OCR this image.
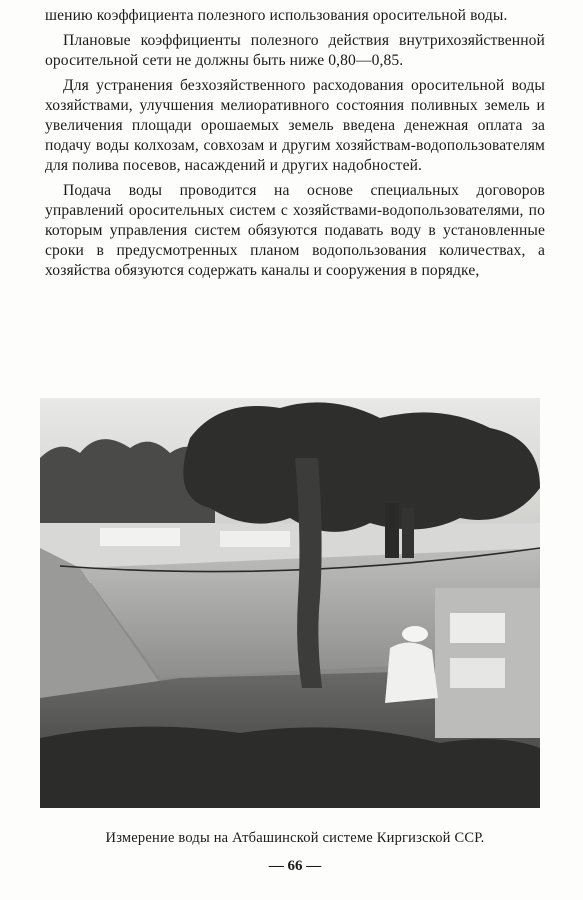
шению коэффициента полезного использования оросительной воды.

Плановые коэффициенты полезного действия внутрихозяйственной оросительной сети не должны быть ниже 0,80—0,85.

Для устранения безхозяйственного расходования оросительной воды хозяйствами, улучшения мелиоративного состояния поливных земель и увеличения площади орошаемых земель введена денежная оплата за подачу воды колхозам, совхозам и другим хозяйствам-водопользователям для полива посевов, насаждений и других надобностей.

Подача воды проводится на основе специальных договоров управлений оросительных систем с хозяйствами-водопользователями, по которым управления систем обязуются подавать воду в установленные сроки в предусмотренных планом водопользования количествах, а хозяйства обязуются содержать каналы и сооружения в порядке,

Измерение воды на Атбашинской системе Киргизской ССР.
— 66 —
